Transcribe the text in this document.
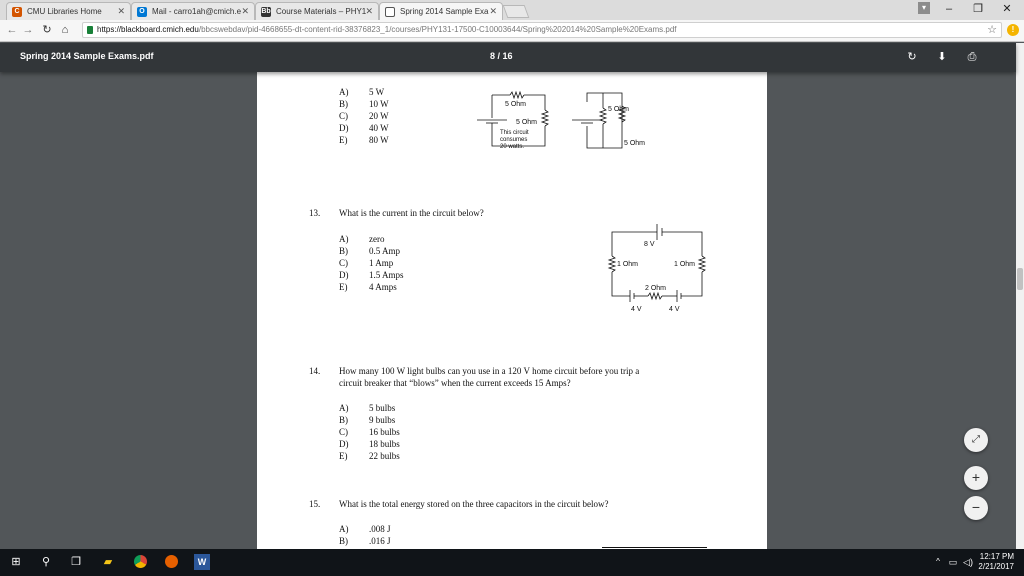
C CMU Libraries Home ✕	O Mail - carro1ah@cmich.e ✕ Bb Course Materials – PHY1 ✕	Spring 2014 Sample Exa ✕	▾	–	❐	✕
← → ↻ ⌂	https://blackboard.cmich.edu/bbcswebdav/pid-4668655-dt-content-rid-38376823_1/courses/PHY131-17500-C10003644/Spring%202014%20Sample%20Exams.pdf	☆	!
Spring 2014 Sample Exams.pdf	8 / 16	↻ ⬇ ⎙
A) 5 W
B) 10 W
C) 20 W
D) 40 W
E) 80 W
5 Ohm
5 Ohm
This circuit
consumes
20 watts.
5 Ohm
5 Ohm
13. What is the current in the circuit below?
A) zero
B) 0.5 Amp
C) 1 Amp
D) 1.5 Amps
E) 4 Amps
8 V
1 Ohm	1 Ohm
2 Ohm
4 V	4 V
14. How many 100 W light bulbs can you use in a 120 V home circuit before you trip a
circuit breaker that “blows” when the current exceeds 15 Amps?
A) 5 bulbs
B) 9 bulbs
C) 16 bulbs
D) 18 bulbs
E) 22 bulbs
15. What is the total energy stored on the three capacitors in the circuit below?
A) .008 J
B) .016 J
⤢
+
−
⊞	⚲	❐	▰	W	^ ▭ ◁)
12:17 PM
2/21/2017
